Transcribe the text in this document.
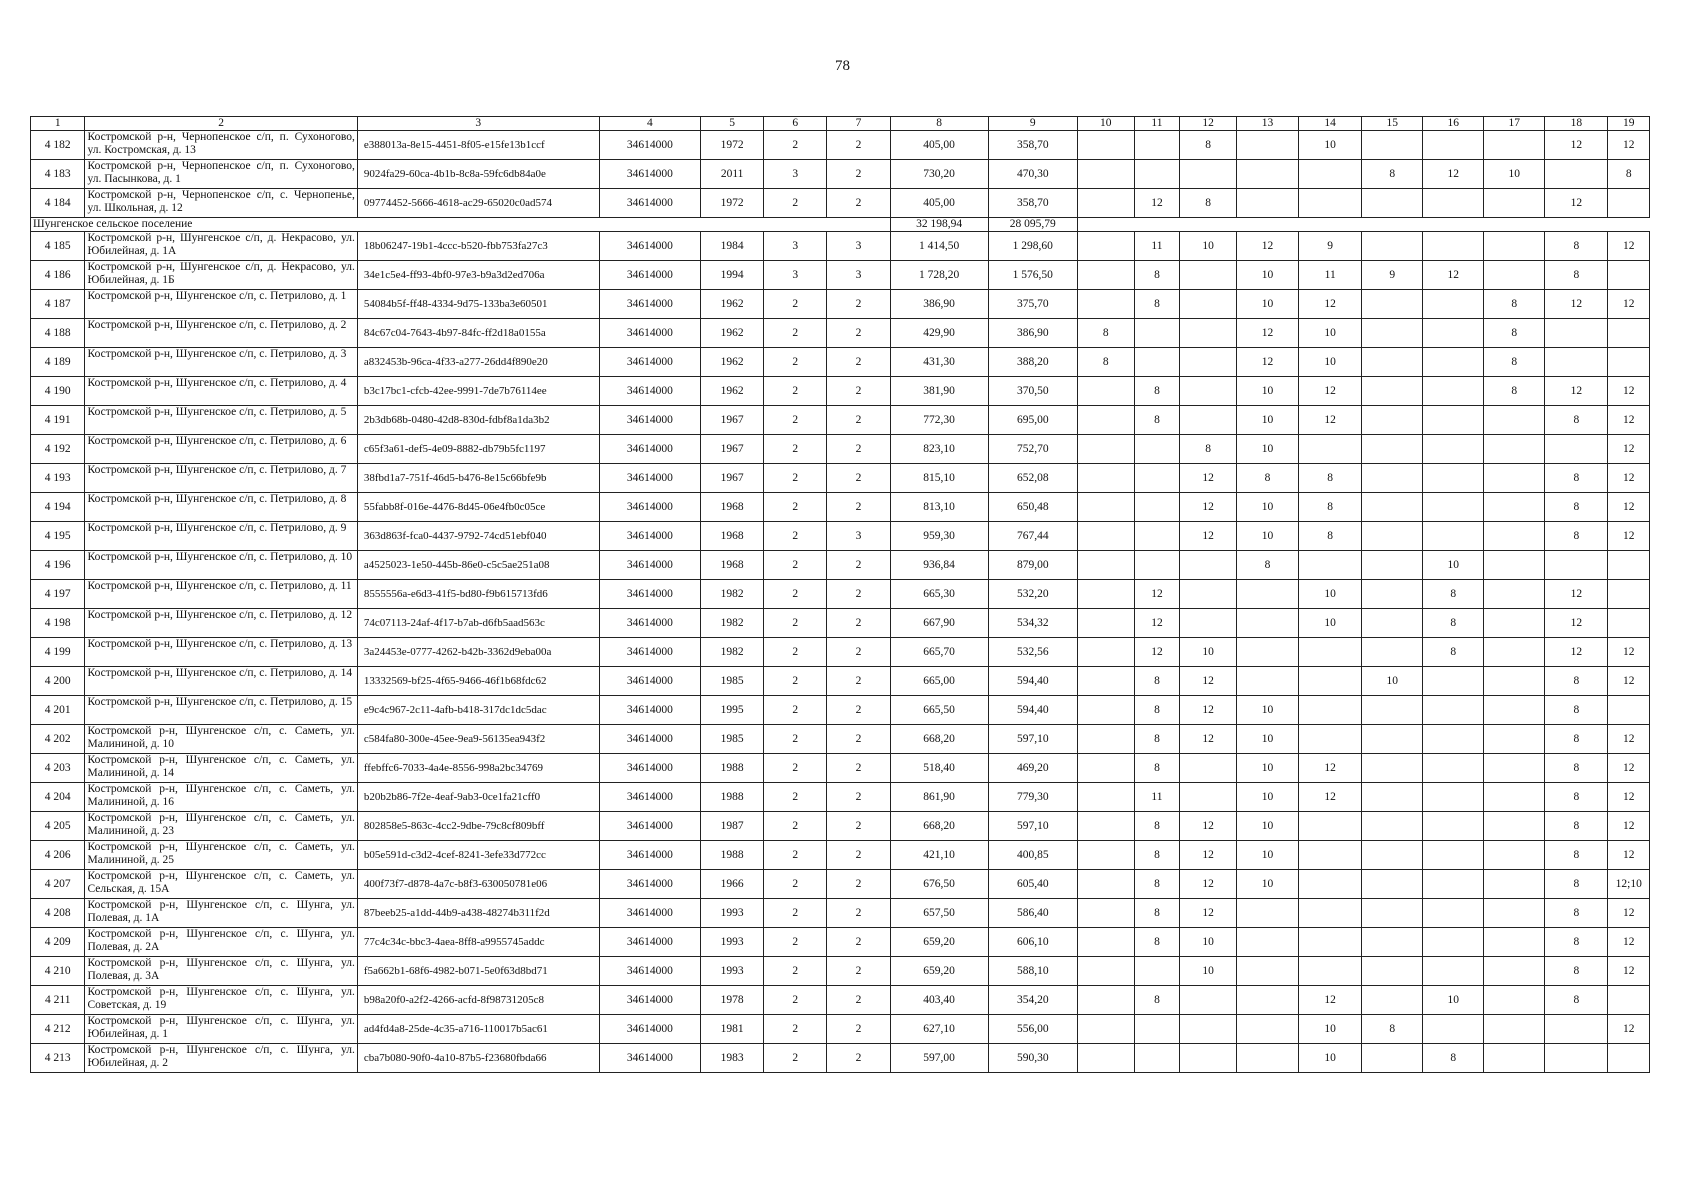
78
1	2	3	4	5	6	7	8	9	10	11	12	13	14	15	16	17	18	19
4 182	Костромской р-н, Чернопенское с/п, п. Сухоногово, ул. Костромская, д. 13	e388013a-8e15-4451-8f05-e15fe13b1ccf	34614000	1972	2	2	405,00	358,70			8		10				12	12
4 183	Костромской р-н, Чернопенское с/п, п. Сухоногово, ул. Пасынкова, д. 1	9024fa29-60ca-4b1b-8c8a-59fc6db84a0e	34614000	2011	3	2	730,20	470,30						8	12	10		8
4 184	Костромской р-н, Чернопенское с/п, с. Чернопенье, ул. Школьная, д. 12	09774452-5666-4618-ac29-65020c0ad574	34614000	1972	2	2	405,00	358,70		12	8						12	
Шунгенское сельское поселение							32 198,94	28 095,79										
4 185	Костромской р-н, Шунгенское с/п, д. Некрасово, ул. Юбилейная, д. 1А	18b06247-19b1-4ccc-b520-fbb753fa27c3	34614000	1984	3	3	1 414,50	1 298,60		11	10	12	9				8	12
4 186	Костромской р-н, Шунгенское с/п, д. Некрасово, ул. Юбилейная, д. 1Б	34e1c5e4-ff93-4bf0-97e3-b9a3d2ed706a	34614000	1994	3	3	1 728,20	1 576,50		8		10	11	9	12		8	
4 187	Костромской р-н, Шунгенское с/п, с. Петрилово, д. 1	54084b5f-ff48-4334-9d75-133ba3e60501	34614000	1962	2	2	386,90	375,70		8		10	12			8	12	12
4 188	Костромской р-н, Шунгенское с/п, с. Петрилово, д. 2	84c67c04-7643-4b97-84fc-ff2d18a0155a	34614000	1962	2	2	429,90	386,90	8			12	10			8		
4 189	Костромской р-н, Шунгенское с/п, с. Петрилово, д. 3	a832453b-96ca-4f33-a277-26dd4f890e20	34614000	1962	2	2	431,30	388,20	8			12	10			8		
4 190	Костромской р-н, Шунгенское с/п, с. Петрилово, д. 4	b3c17bc1-cfcb-42ee-9991-7de7b76114ee	34614000	1962	2	2	381,90	370,50		8		10	12			8	12	12
4 191	Костромской р-н, Шунгенское с/п, с. Петрилово, д. 5	2b3db68b-0480-42d8-830d-fdbf8a1da3b2	34614000	1967	2	2	772,30	695,00		8		10	12				8	12
4 192	Костромской р-н, Шунгенское с/п, с. Петрилово, д. 6	c65f3a61-def5-4e09-8882-db79b5fc1197	34614000	1967	2	2	823,10	752,70			8	10						12
4 193	Костромской р-н, Шунгенское с/п, с. Петрилово, д. 7	38fbd1a7-751f-46d5-b476-8e15c66bfe9b	34614000	1967	2	2	815,10	652,08			12	8	8				8	12
4 194	Костромской р-н, Шунгенское с/п, с. Петрилово, д. 8	55fabb8f-016e-4476-8d45-06e4fb0c05ce	34614000	1968	2	2	813,10	650,48			12	10	8				8	12
4 195	Костромской р-н, Шунгенское с/п, с. Петрилово, д. 9	363d863f-fca0-4437-9792-74cd51ebf040	34614000	1968	2	3	959,30	767,44			12	10	8				8	12
4 196	Костромской р-н, Шунгенское с/п, с. Петрилово, д. 10	a4525023-1e50-445b-86e0-c5c5ae251a08	34614000	1968	2	2	936,84	879,00				8			10			
4 197	Костромской р-н, Шунгенское с/п, с. Петрилово, д. 11	8555556a-e6d3-41f5-bd80-f9b615713fd6	34614000	1982	2	2	665,30	532,20		12			10		8		12	
4 198	Костромской р-н, Шунгенское с/п, с. Петрилово, д. 12	74c07113-24af-4f17-b7ab-d6fb5aad563c	34614000	1982	2	2	667,90	534,32		12			10		8		12	
4 199	Костромской р-н, Шунгенское с/п, с. Петрилово, д. 13	3a24453e-0777-4262-b42b-3362d9eba00a	34614000	1982	2	2	665,70	532,56		12	10				8		12	12
4 200	Костромской р-н, Шунгенское с/п, с. Петрилово, д. 14	13332569-bf25-4f65-9466-46f1b68fdc62	34614000	1985	2	2	665,00	594,40		8	12			10			8	12
4 201	Костромской р-н, Шунгенское с/п, с. Петрилово, д. 15	e9c4c967-2c11-4afb-b418-317dc1dc5dac	34614000	1995	2	2	665,50	594,40		8	12	10					8	
4 202	Костромской р-н, Шунгенское с/п, с. Саметь, ул. Малининой, д. 10	c584fa80-300e-45ee-9ea9-56135ea943f2	34614000	1985	2	2	668,20	597,10		8	12	10					8	12
4 203	Костромской р-н, Шунгенское с/п, с. Саметь, ул. Малининой, д. 14	ffebffc6-7033-4a4e-8556-998a2bc34769	34614000	1988	2	2	518,40	469,20		8		10	12				8	12
4 204	Костромской р-н, Шунгенское с/п, с. Саметь, ул. Малининой, д. 16	b20b2b86-7f2e-4eaf-9ab3-0ce1fa21cff0	34614000	1988	2	2	861,90	779,30		11		10	12				8	12
4 205	Костромской р-н, Шунгенское с/п, с. Саметь, ул. Малининой, д. 23	802858e5-863c-4cc2-9dbe-79c8cf809bff	34614000	1987	2	2	668,20	597,10		8	12	10					8	12
4 206	Костромской р-н, Шунгенское с/п, с. Саметь, ул. Малининой, д. 25	b05e591d-c3d2-4cef-8241-3efe33d772cc	34614000	1988	2	2	421,10	400,85		8	12	10					8	12
4 207	Костромской р-н, Шунгенское с/п, с. Саметь, ул. Сельская, д. 15А	400f73f7-d878-4a7c-b8f3-630050781e06	34614000	1966	2	2	676,50	605,40		8	12	10					8	12;10
4 208	Костромской р-н, Шунгенское с/п, с. Шунга, ул. Полевая, д. 1А	87beeb25-a1dd-44b9-a438-48274b311f2d	34614000	1993	2	2	657,50	586,40		8	12						8	12
4 209	Костромской р-н, Шунгенское с/п, с. Шунга, ул. Полевая, д. 2А	77c4c34c-bbc3-4aea-8ff8-a9955745addc	34614000	1993	2	2	659,20	606,10		8	10						8	12
4 210	Костромской р-н, Шунгенское с/п, с. Шунга, ул. Полевая, д. 3А	f5a662b1-68f6-4982-b071-5e0f63d8bd71	34614000	1993	2	2	659,20	588,10			10						8	12
4 211	Костромской р-н, Шунгенское с/п, с. Шунга, ул. Советская, д. 19	b98a20f0-a2f2-4266-acfd-8f98731205c8	34614000	1978	2	2	403,40	354,20		8			12		10		8	
4 212	Костромской р-н, Шунгенское с/п, с. Шунга, ул. Юбилейная, д. 1	ad4fd4a8-25de-4c35-a716-110017b5ac61	34614000	1981	2	2	627,10	556,00					10	8				12
4 213	Костромской р-н, Шунгенское с/п, с. Шунга, ул. Юбилейная, д. 2	cba7b080-90f0-4a10-87b5-f23680fbda66	34614000	1983	2	2	597,00	590,30					10		8			
